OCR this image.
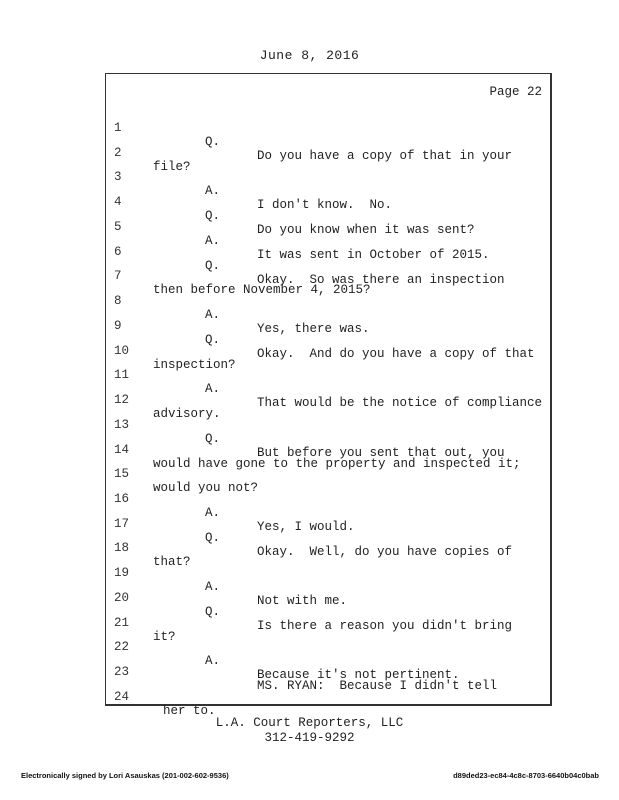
June 8, 2016
Page 22

1

Q.

Do you have a copy of that in your

2

file?

3

A.

I don't know.  No.

4

Q.

Do you know when it was sent?

5

A.

It was sent in October of 2015.

6

Q.

Okay.  So was there an inspection

7

then before November 4, 2015?

8

A.

Yes, there was.

9

Q.

Okay.  And do you have a copy of that

10

inspection?

11

A.

That would be the notice of compliance

12

advisory.

13

Q.

But before you sent that out, you

14

would have gone to the property and inspected it;

15

would you not?

16

A.

Yes, I would.

17

Q.

Okay.  Well, do you have copies of

18

that?

19

A.

Not with me.

20

Q.

Is there a reason you didn't bring

21

it?

22

A.

Because it's not pertinent.

23

MS. RYAN:  Because I didn't tell

24

her to.

L.A. Court Reporters, LLC
312-419-9292
Electronically signed by Lori Asauskas (201-002-602-9536)	d89ded23-ec84-4c8c-8703-6640b04c0bab
